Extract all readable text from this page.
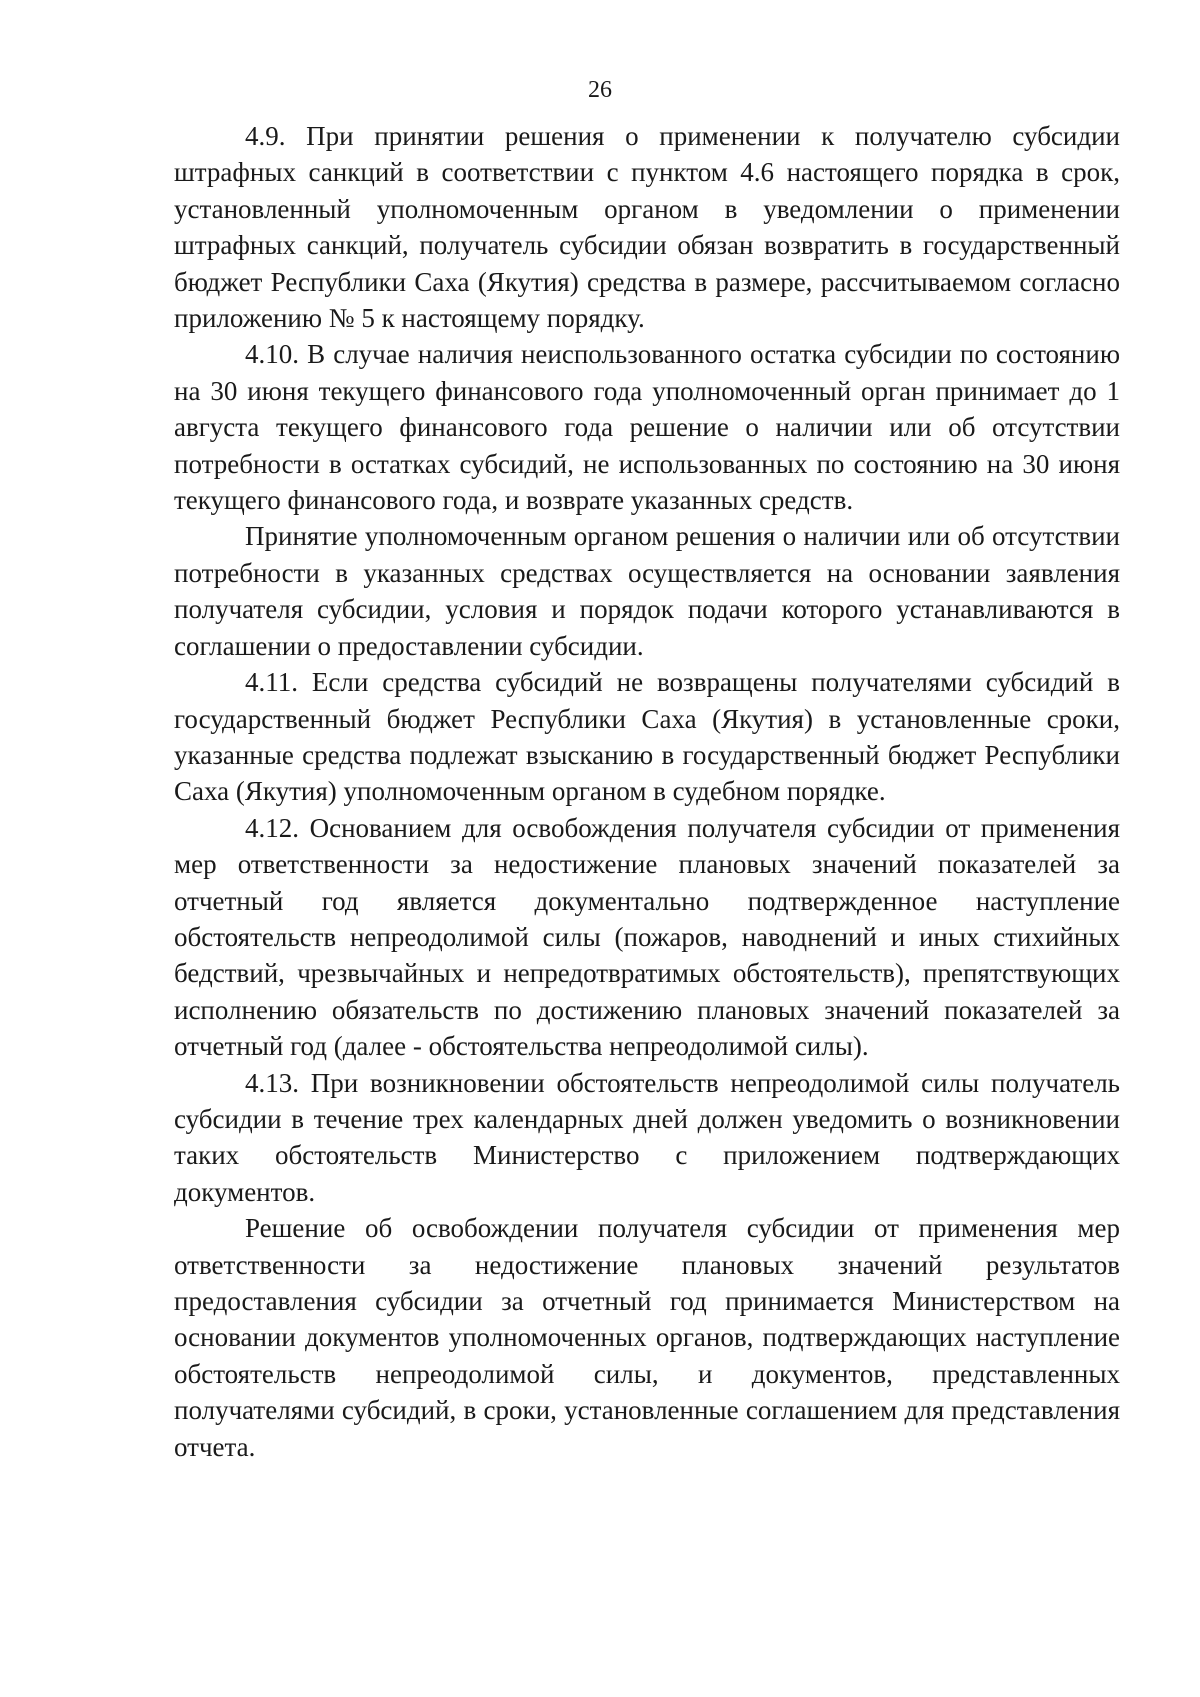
26

4.9. При принятии решения о применении к получателю субсидии штрафных санкций в соответствии с пунктом 4.6 настоящего порядка в срок, установленный уполномоченным органом в уведомлении о применении штрафных санкций, получатель субсидии обязан возвратить в государственный бюджет Республики Саха (Якутия) средства в размере, рассчитываемом согласно приложению № 5 к настоящему порядку.

4.10. В случае наличия неиспользованного остатка субсидии по состоянию на 30 июня текущего финансового года уполномоченный орган принимает до 1 августа текущего финансового года решение о наличии или об отсутствии потребности в остатках субсидий, не использованных по состоянию на 30 июня текущего финансового года, и возврате указанных средств.

Принятие уполномоченным органом решения о наличии или об отсутствии потребности в указанных средствах осуществляется на основании заявления получателя субсидии, условия и порядок подачи которого устанавливаются в соглашении о предоставлении субсидии.

4.11. Если средства субсидий не возвращены получателями субсидий в государственный бюджет Республики Саха (Якутия) в установленные сроки, указанные средства подлежат взысканию в государственный бюджет Республики Саха (Якутия) уполномоченным органом в судебном порядке.

4.12. Основанием для освобождения получателя субсидии от применения мер ответственности за недостижение плановых значений показателей за отчетный год является документально подтвержденное наступление обстоятельств непреодолимой силы (пожаров, наводнений и иных стихийных бедствий, чрезвычайных и непредотвратимых обстоятельств), препятствующих исполнению обязательств по достижению плановых значений показателей за отчетный год (далее - обстоятельства непреодолимой силы).

4.13. При возникновении обстоятельств непреодолимой силы получатель субсидии в течение трех календарных дней должен уведомить о возникновении таких обстоятельств Министерство с приложением подтверждающих документов.

Решение об освобождении получателя субсидии от применения мер ответственности за недостижение плановых значений результатов предоставления субсидии за отчетный год принимается Министерством на основании документов уполномоченных органов, подтверждающих наступление обстоятельств непреодолимой силы, и документов, представленных получателями субсидий, в сроки, установленные соглашением для представления отчета.
